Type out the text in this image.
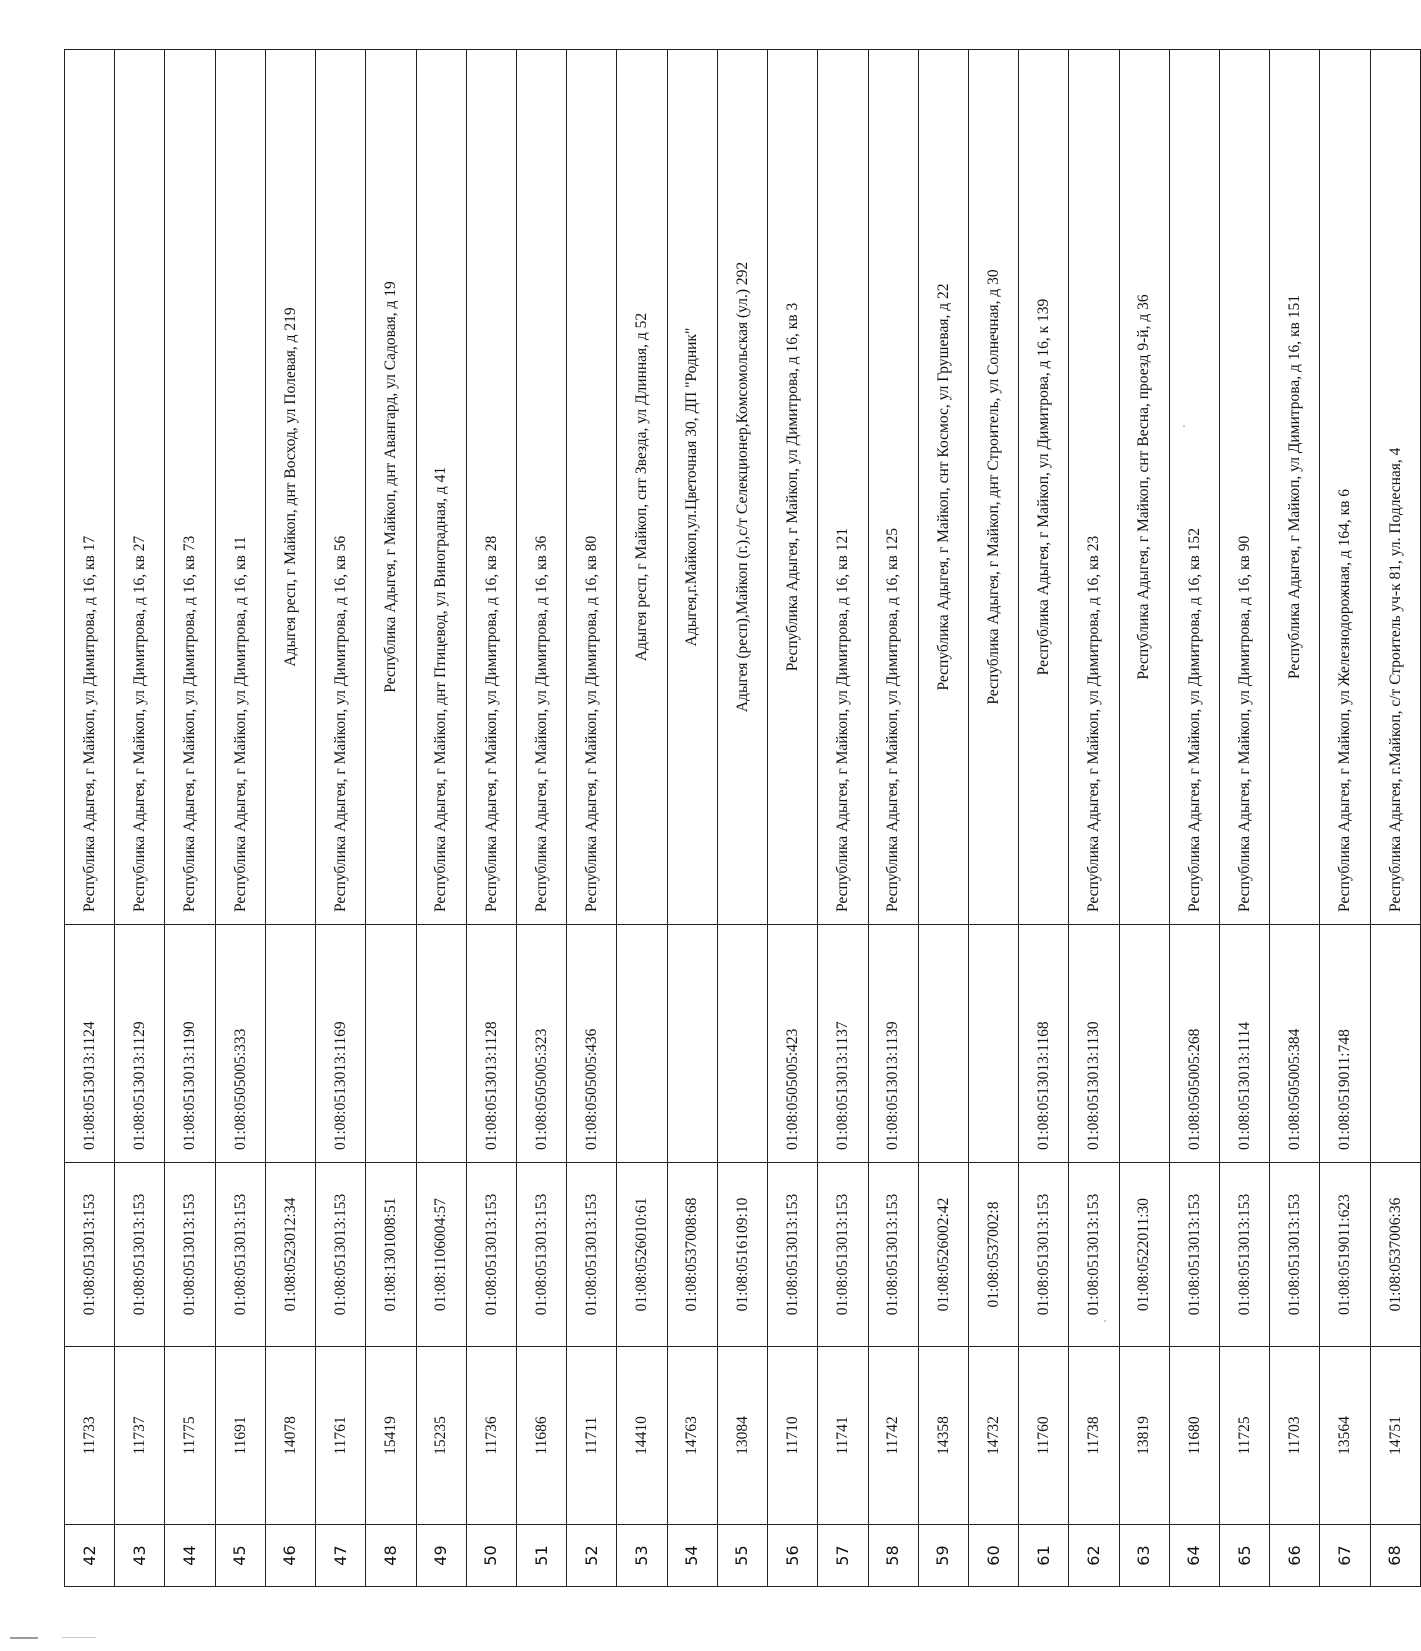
42	11733	01:08:0513013:153	01:08:0513013:1124	Республика Адыгея, г Майкоп, ул Димитрова, д 16, кв 17
43	11737	01:08:0513013:153	01:08:0513013:1129	Республика Адыгея, г Майкоп, ул Димитрова, д 16, кв 27
44	11775	01:08:0513013:153	01:08:0513013:1190	Республика Адыгея, г Майкоп, ул Димитрова, д 16, кв 73
45	11691	01:08:0513013:153	01:08:0505005:333	Республика Адыгея, г Майкоп, ул Димитрова, д 16, кв 11
46	14078	01:08:0523012:34		Адыгея респ, г Майкоп, днт Восход, ул Полевая, д 219
47	11761	01:08:0513013:153	01:08:0513013:1169	Республика Адыгея, г Майкоп, ул Димитрова, д 16, кв 56
48	15419	01:08:1301008:51		Республика Адыгея, г Майкоп, днт Авангард, ул Садовая, д 19
49	15235	01:08:1106004:57		Республика Адыгея, г Майкоп, днт Птицевод, ул Виноградная, д 41
50	11736	01:08:0513013:153	01:08:0513013:1128	Республика Адыгея, г Майкоп, ул Димитрова, д 16, кв 28
51	11686	01:08:0513013:153	01:08:0505005:323	Республика Адыгея, г Майкоп, ул Димитрова, д 16, кв 36
52	11711	01:08:0513013:153	01:08:0505005:436	Республика Адыгея, г Майкоп, ул Димитрова, д 16, кв 80
53	14410	01:08:0526010:61		Адыгея респ, г Майкоп, снт Звезда, ул Длинная, д 52
54	14763	01:08:0537008:68		Адыгея,г.Майкоп,ул.Цветочная 30, ДП "Родник"
55	13084	01:08:0516109:10		Адыгея (респ),Майкоп (г.),с/т Селекционер,Комсомольская (ул.) 292
56	11710	01:08:0513013:153	01:08:0505005:423	Республика Адыгея, г Майкоп, ул Димитрова, д 16, кв 3
57	11741	01:08:0513013:153	01:08:0513013:1137	Республика Адыгея, г Майкоп, ул Димитрова, д 16, кв 121
58	11742	01:08:0513013:153	01:08:0513013:1139	Республика Адыгея, г Майкоп, ул Димитрова, д 16, кв 125
59	14358	01:08:0526002:42		Республика Адыгея, г Майкоп, снт Космос, ул Грушевая, д 22
60	14732	01:08:0537002:8		Республика Адыгея, г Майкоп, днт Строитель, ул Солнечная, д 30
61	11760	01:08:0513013:153	01:08:0513013:1168	Республика Адыгея, г Майкоп, ул Димитрова, д 16, к 139
62	11738	01:08:0513013:153	01:08:0513013:1130	Республика Адыгея, г Майкоп, ул Димитрова, д 16, кв 23
63	13819	01:08:0522011:30		Республика Адыгея, г Майкоп, снт Весна, проезд 9-й, д 36
64	11680	01:08:0513013:153	01:08:0505005:268	Республика Адыгея, г Майкоп, ул Димитрова, д 16, кв 152
65	11725	01:08:0513013:153	01:08:0513013:1114	Республика Адыгея, г Майкоп, ул Димитрова, д 16, кв 90
66	11703	01:08:0513013:153	01:08:0505005:384	Республика Адыгея, г Майкоп, ул Димитрова, д 16, кв 151
67	13564	01:08:0519011:623	01:08:0519011:748	Республика Адыгея, г Майкоп, ул Железнодорожная, д 164, кв 6
68	14751	01:08:0537006:36		Республика Адыгея, г.Майкоп, с/т Строитель уч-к 81, ул. Подлесная, 4
